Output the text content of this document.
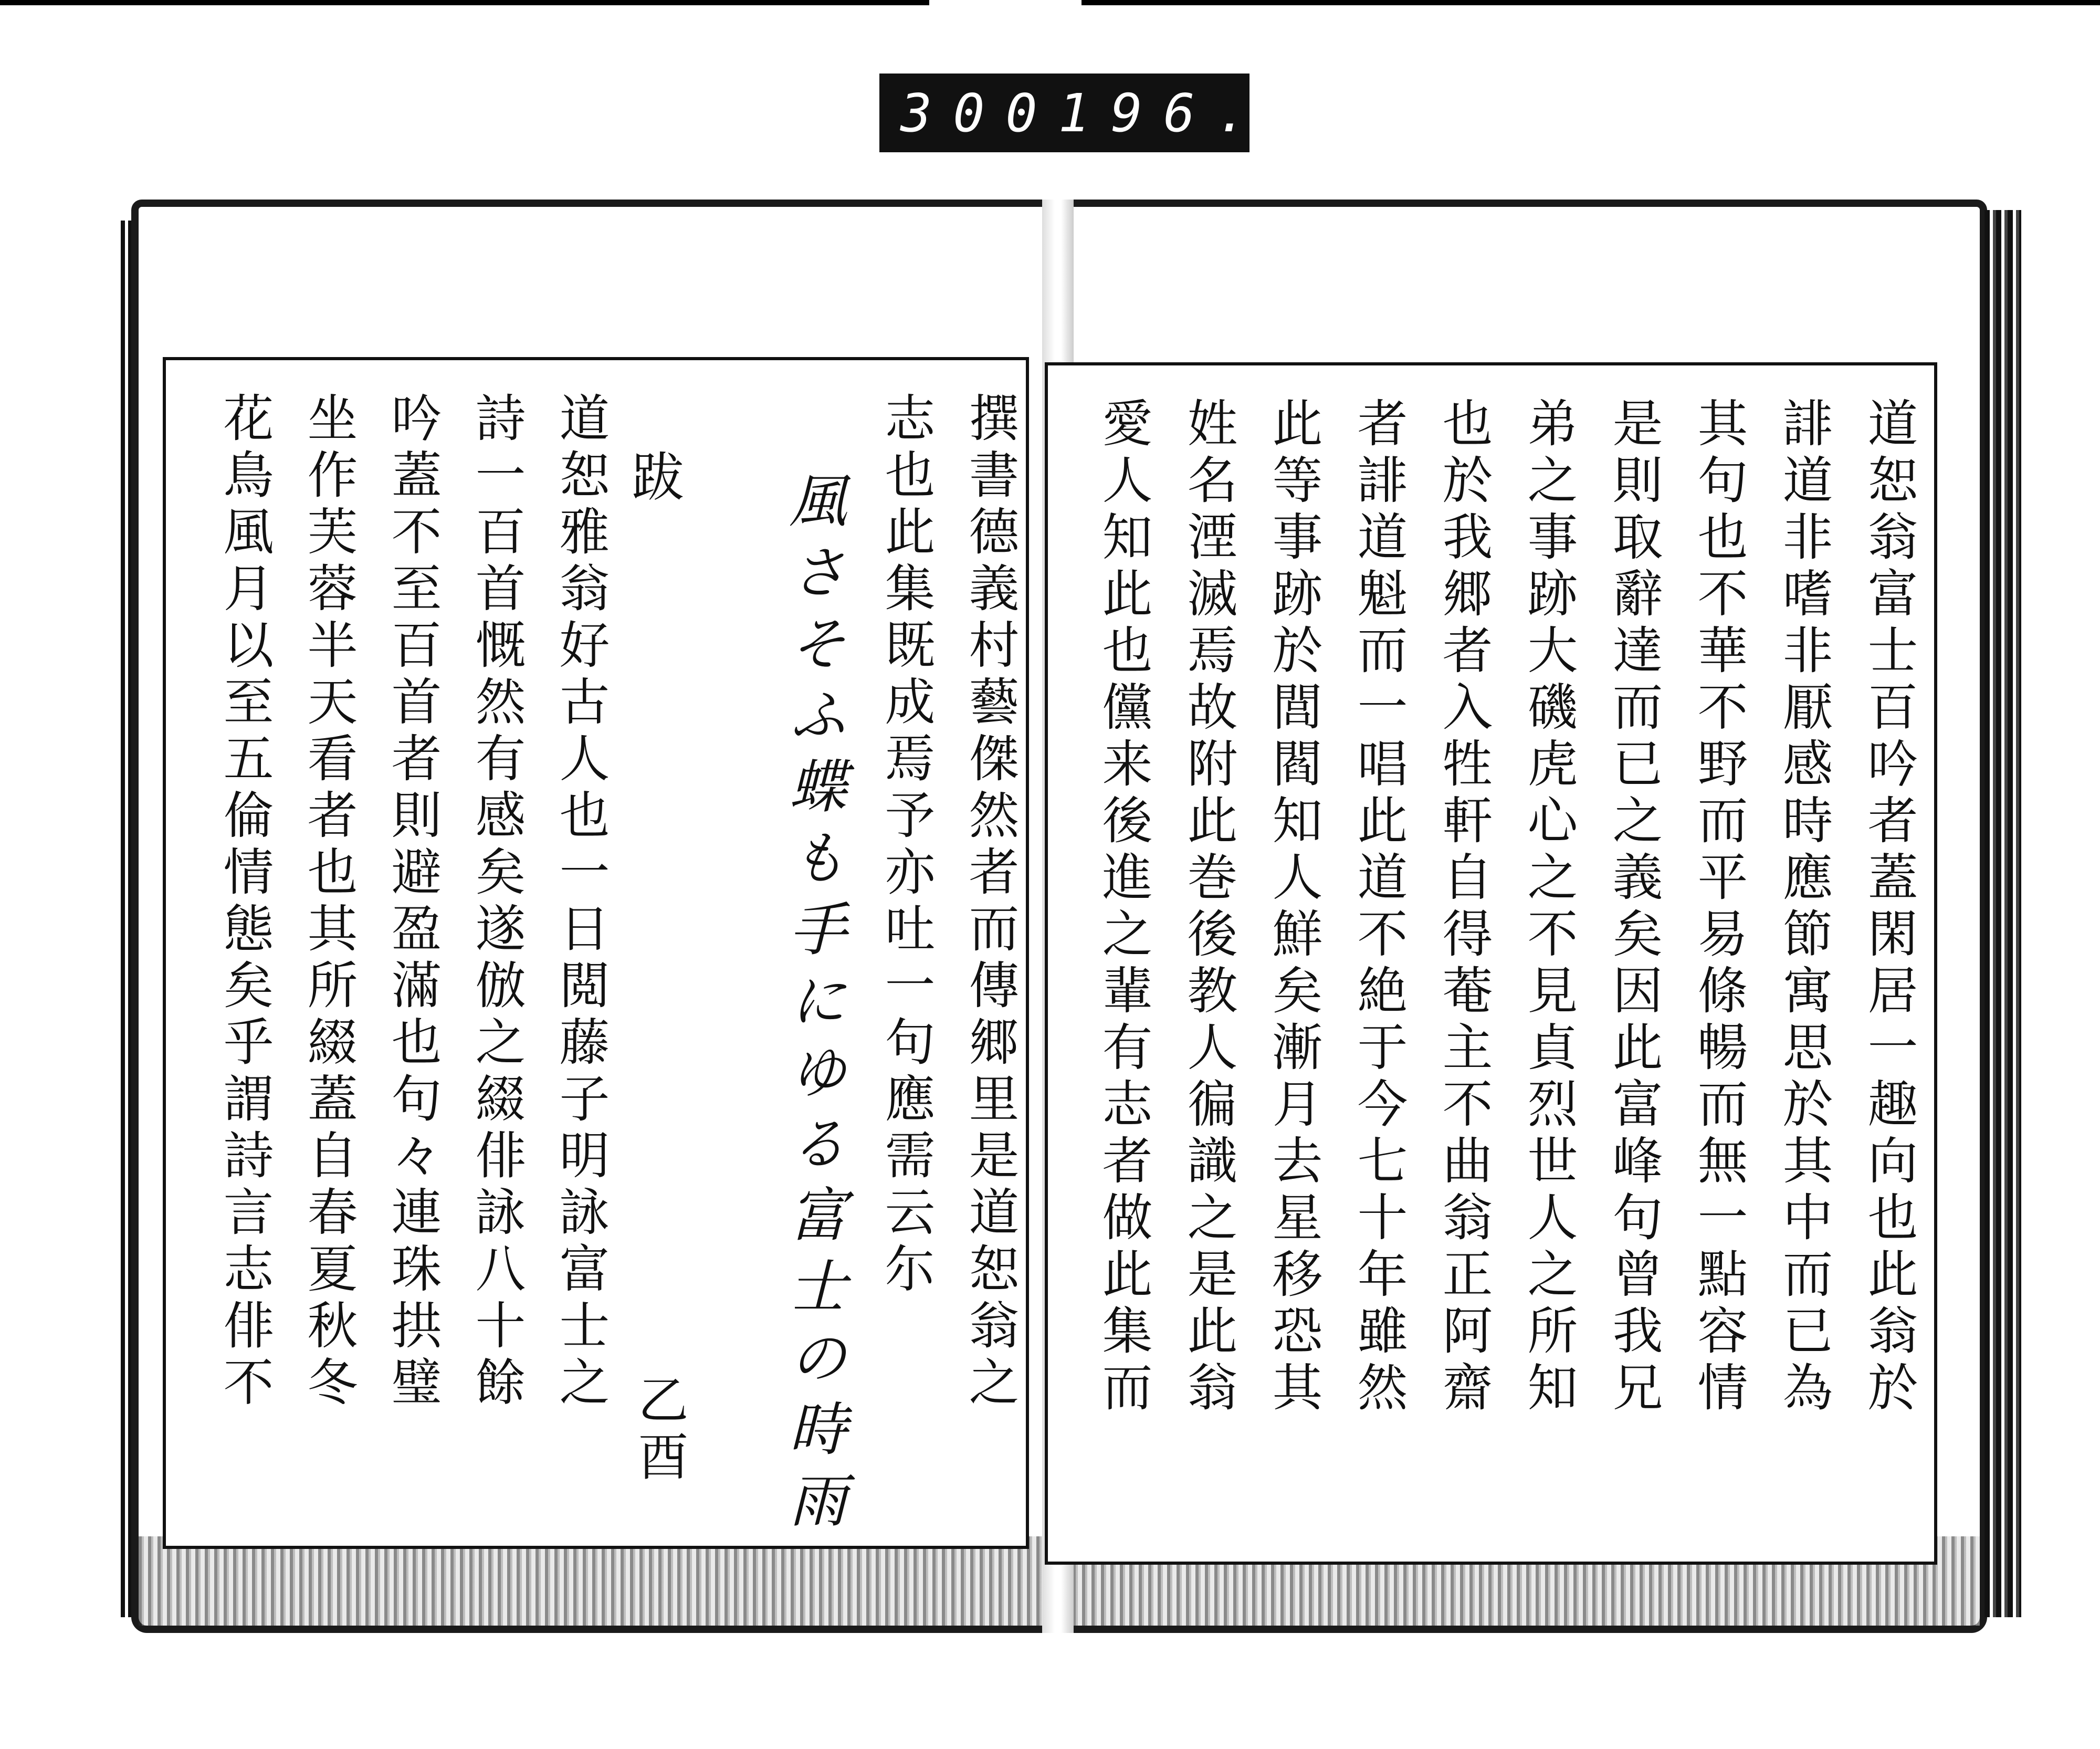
300 196.
道恕翁富士百吟者蓋閑居一趣向也此翁於
誹道非嗜非厭感時應節寓思於其中而已為
其句也不華不野而平易條暢而無一點容情
是則取辭達而已之義矣因此富峰句曾我兄
弟之事跡大磯虎心之不見貞烈世人之所知
也於我郷者入牲軒自得菴主不曲翁正阿齋
者誹道魁而一唱此道不絶于今七十年雖然
此等事跡於閭閻知人鮮矣漸月去星移恐其
姓名湮滅焉故附此巻後教人徧識之是此翁
愛人知此也儻来後進之輩有志者做此集而
撰書德義村藝傑然者而傳郷里是道恕翁之
志也此集既成焉予亦吐一句應需云尓
風さそふ蝶も手にゆる富士の時雨
跋
道恕雅翁好古人也一日閲藤子明詠富士之
詩一百首慨然有感矣遂倣之綴俳詠八十餘
吟蓋不至百首者則避盈滿也句々連珠拱璧
坐作芙蓉半天看者也其所綴蓋自春夏秋冬
花鳥風月以至五倫情態矣乎謂詩言志俳不
乙酉
